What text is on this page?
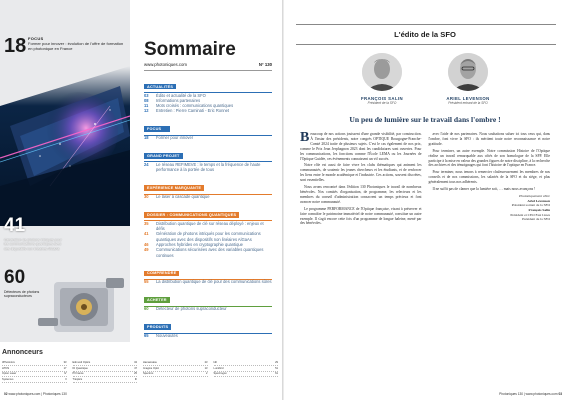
18 FOCUS
Former pour innover : évolution de l'offre de formation en photonique en France
41
Génération de photons intriqués pour les communications quantiques avec des dispositifs non linéaires AlGaAs
60
Détecteurs de photons supraconducteurs
Sommaire
www.photoniques.com	N° 130
ACTUALITÉS
03	Édito et actualité de la SFO
08	Informations partenaires
11	Mots croisés : communications quantiques
12	Entretien : Pierre Caminati - Eric Ronnet
FOCUS
18	Former pour innover
GRAND PROJET
24	Le réseau REFIMEVE : le temps et la fréquence de haute performance à la portée de tous
EXPÉRIENCE MARQUANTE
30	Le laser à cascade quantique
DOSSIER : COMMUNICATIONS QUANTIQUES
35	Distribution quantique de clé sur réseau déployé : enjeux et défis
41	Génération de photons intriqués pour les communications quantiques avec des dispositifs non linéaires AlGaAs
46	Approches hybrides en cryptographie quantique
49	Communications sécurisées avec des variables quantiques continues
COMPRENDRE
55	La distribution quantique de clé pour des communications sûres
ACHETER
60	Détecteur de photons supraconducteur
PRODUITS
65	Nouveautés
Annonceurs
3Photonics	33 Edmund Optics	34 Hamamatsu	23 Idil	29
HTDS	17 ID Quantique	47 Imagine Optic	13 Lumibird	51
Opton Laser	IV Pl France	25 Spectros	2 Spectrogon	61
Systemus	II Trioptics	III
02 www.photoniques.com | Photoniques 130
L'édito de la SFO
FRANÇOIS SALIN
Président de la SFO
ARIEL LEVENSON
Président entrant de la SFO
Un peu de lumière sur le travail dans l'ombre !

Beaucoup de nos actions jouissent d'une grande visibilité, par construction. À l'instar des présidents, notre congrès OPTIQUE Bourgogne-Franche-Comté 2024 traite de plusieurs sujets. C'est le cas également de nos prix, comme le Prix Jean Jerphagnon 2023 dont les candidatures sont ouvertes. Pour les communications, les fonctions comme l'École LEMA ou les Journées de l'Optique Guidée, ces évènements connaissent un vif succès.

Notre rôle est aussi de faire vivre les clubs thématiques qui animent les communautés, de soutenir les jeunes chercheurs et les étudiants, et de renforcer les liens entre le monde académique et l'industrie. Ces actions, souvent discrètes, sont essentielles.

Nous avons rencontré dans l'édition 130 Photoniques le travail de nombreux bénévoles. Nos comités d'organisation, de programme, les relecteurs et les membres du conseil d'administration consacrent un temps précieux et font avancer notre communauté.

Le programme PERFORMANCE de l'Optique française, visant à préserver et faire connaître le patrimoine immatériel de notre communauté, constitue un autre exemple. Il s'agit encore cette fois d'un programme de longue haleine, mené par des bénévoles.

avec l'aide de nos partenaires. Nous souhaitons saluer ici tous ceux qui, dans l'ombre, font vivre la SFO : ils méritent toute notre reconnaissance et notre gratitude.

Pour terminer, un autre exemple. Notre commission Histoire de l'Optique réalise un travail remarquable aux côtés de son homologue de la SFP. Elle participe à la mise en valeur des grandes figures de notre discipline, à la recherche des archives et des témoignages qui font l'histoire de l'optique en France.

Pour terminer, nous tenons à remercier chaleureusement les membres de nos conseils et de nos commissions, les salariés de la SFO et du siège, et plus généralement tous nos adhérents.

Il ne suffit pas de clamer que la lumière soit, … mais nous avançons !

Photoniquement vôtre
Ariel Levenson
Président sortant de la SFO
François Salin
Président et CEO Fast Lines
Président de la SFO
Photoniques 130 | www.photoniques.com 03
